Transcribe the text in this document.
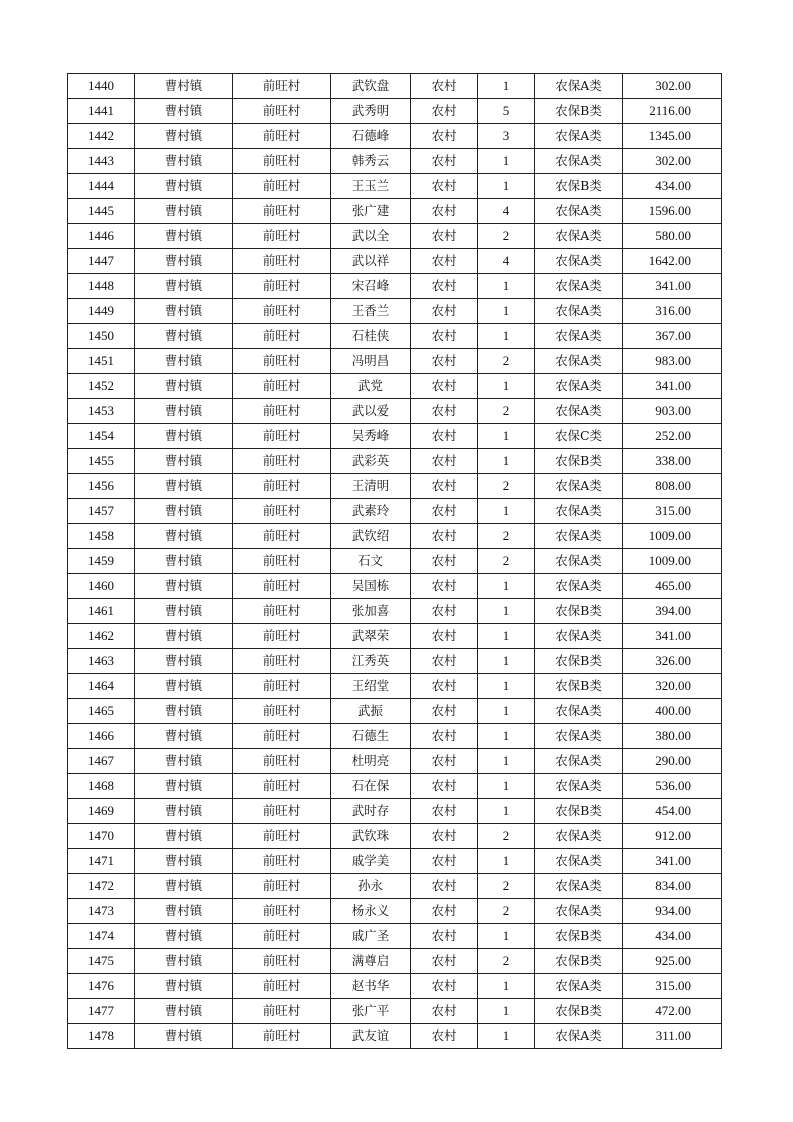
1440	曹村镇	前旺村	武钦盘	农村	1	农保A类	302.00
1441	曹村镇	前旺村	武秀明	农村	5	农保B类	2116.00
1442	曹村镇	前旺村	石德峰	农村	3	农保A类	1345.00
1443	曹村镇	前旺村	韩秀云	农村	1	农保A类	302.00
1444	曹村镇	前旺村	王玉兰	农村	1	农保B类	434.00
1445	曹村镇	前旺村	张广建	农村	4	农保A类	1596.00
1446	曹村镇	前旺村	武以全	农村	2	农保A类	580.00
1447	曹村镇	前旺村	武以祥	农村	4	农保A类	1642.00
1448	曹村镇	前旺村	宋召峰	农村	1	农保A类	341.00
1449	曹村镇	前旺村	王香兰	农村	1	农保A类	316.00
1450	曹村镇	前旺村	石桂侠	农村	1	农保A类	367.00
1451	曹村镇	前旺村	冯明昌	农村	2	农保A类	983.00
1452	曹村镇	前旺村	武党	农村	1	农保A类	341.00
1453	曹村镇	前旺村	武以爱	农村	2	农保A类	903.00
1454	曹村镇	前旺村	吴秀峰	农村	1	农保C类	252.00
1455	曹村镇	前旺村	武彩英	农村	1	农保B类	338.00
1456	曹村镇	前旺村	王清明	农村	2	农保A类	808.00
1457	曹村镇	前旺村	武素玲	农村	1	农保A类	315.00
1458	曹村镇	前旺村	武钦绍	农村	2	农保A类	1009.00
1459	曹村镇	前旺村	石文	农村	2	农保A类	1009.00
1460	曹村镇	前旺村	吴国栋	农村	1	农保A类	465.00
1461	曹村镇	前旺村	张加喜	农村	1	农保B类	394.00
1462	曹村镇	前旺村	武翠荣	农村	1	农保A类	341.00
1463	曹村镇	前旺村	江秀英	农村	1	农保B类	326.00
1464	曹村镇	前旺村	王绍堂	农村	1	农保B类	320.00
1465	曹村镇	前旺村	武振	农村	1	农保A类	400.00
1466	曹村镇	前旺村	石德生	农村	1	农保A类	380.00
1467	曹村镇	前旺村	杜明亮	农村	1	农保A类	290.00
1468	曹村镇	前旺村	石在保	农村	1	农保A类	536.00
1469	曹村镇	前旺村	武时存	农村	1	农保B类	454.00
1470	曹村镇	前旺村	武钦珠	农村	2	农保A类	912.00
1471	曹村镇	前旺村	戚学美	农村	1	农保A类	341.00
1472	曹村镇	前旺村	孙永	农村	2	农保A类	834.00
1473	曹村镇	前旺村	杨永义	农村	2	农保A类	934.00
1474	曹村镇	前旺村	戚广圣	农村	1	农保B类	434.00
1475	曹村镇	前旺村	满尊启	农村	2	农保B类	925.00
1476	曹村镇	前旺村	赵书华	农村	1	农保A类	315.00
1477	曹村镇	前旺村	张广平	农村	1	农保B类	472.00
1478	曹村镇	前旺村	武友谊	农村	1	农保A类	311.00
